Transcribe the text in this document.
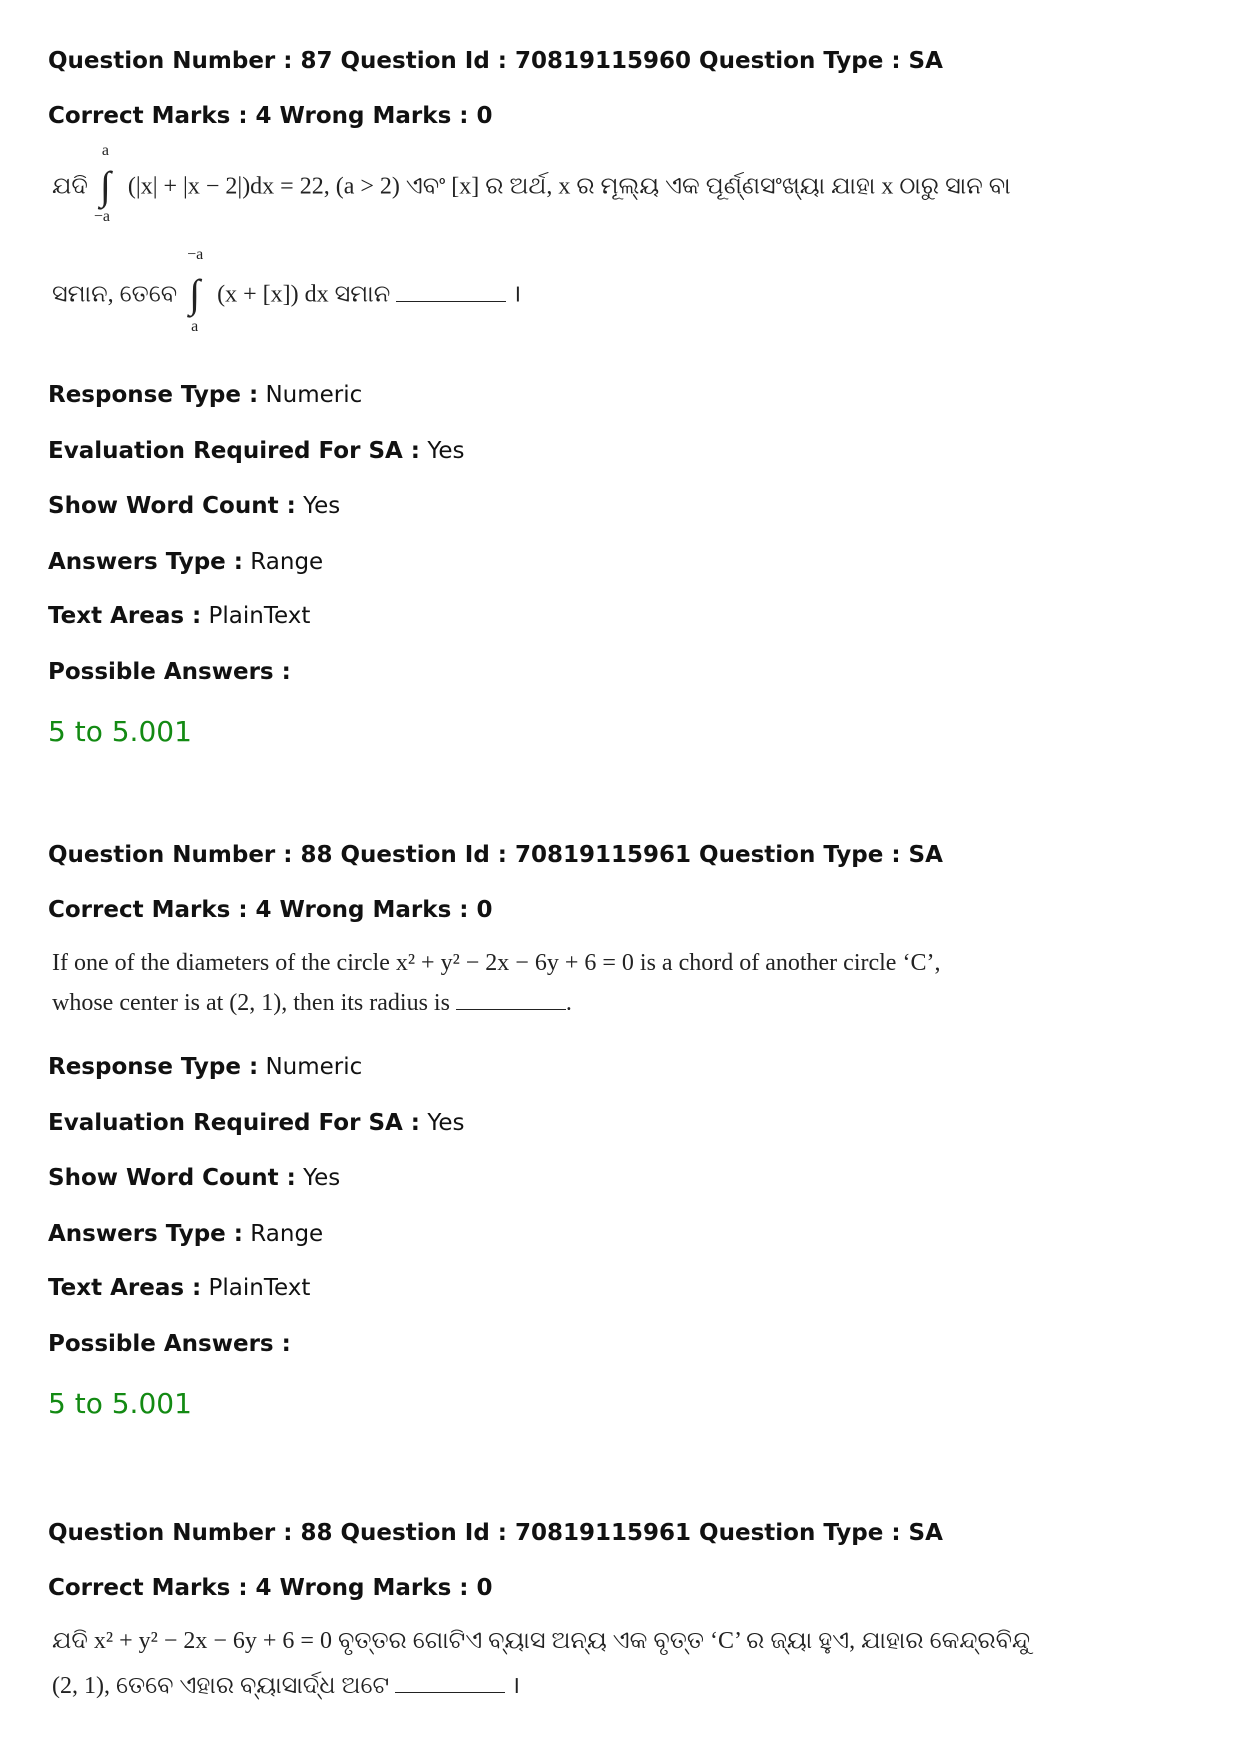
Question Number : 87 Question Id : 70819115960 Question Type : SA
Correct Marks : 4 Wrong Marks : 0
ଯଦି
a
∫
−a
(|x| + |x − 2|)dx = 22, (a > 2) ଏବଂ [x] ର ଅର୍ଥ, x ର ମୂଲ୍ୟ ଏକ ପୂର୍ଣ୍ଣସଂଖ୍ୟା ଯାହା x ଠାରୁ ସାନ ବା
ସମାନ, ତେବେ
−a
∫
a
(x + [x]) dx ସମାନ	।
Response Type : Numeric
Evaluation Required For SA : Yes
Show Word Count : Yes
Answers Type : Range
Text Areas : PlainText
Possible Answers :
5 to 5.001
Question Number : 88 Question Id : 70819115961 Question Type : SA
Correct Marks : 4 Wrong Marks : 0
If one of the diameters of the circle x² + y² − 2x − 6y + 6 = 0 is a chord of another circle ‘C’,
whose center is at (2, 1), then its radius is	.
Response Type : Numeric
Evaluation Required For SA : Yes
Show Word Count : Yes
Answers Type : Range
Text Areas : PlainText
Possible Answers :
5 to 5.001
Question Number : 88 Question Id : 70819115961 Question Type : SA
Correct Marks : 4 Wrong Marks : 0
ଯଦି x² + y² − 2x − 6y + 6 = 0 ବୃତ୍ତର ଗୋଟିଏ ବ୍ୟାସ ଅନ୍ୟ ଏକ ବୃତ୍ତ ‘C’ ର ଜ୍ୟା ହୁଏ, ଯାହାର କେନ୍ଦ୍ରବିନ୍ଦୁ
(2, 1), ତେବେ ଏହାର ବ୍ୟାସାର୍ଦ୍ଧ ଅଟେ	।
